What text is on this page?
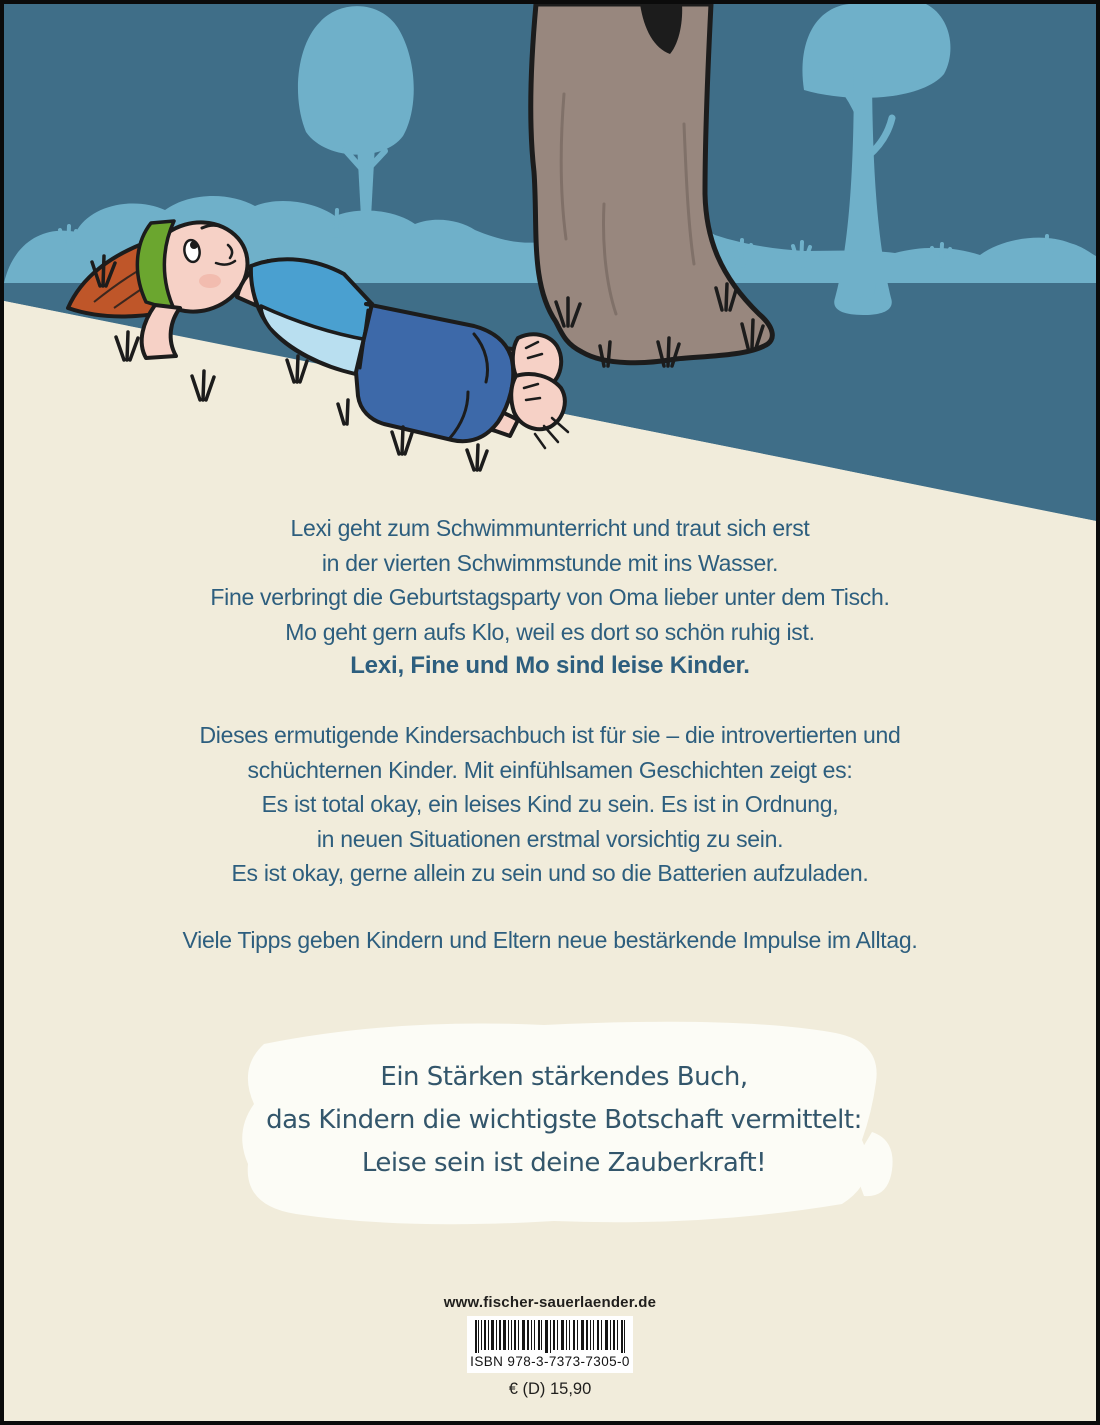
Lexi geht zum Schwimmunterricht und traut sich erst
in der vierten Schwimmstunde mit ins Wasser.
Fine verbringt die Geburtstagsparty von Oma lieber unter dem Tisch.
Mo geht gern aufs Klo, weil es dort so schön ruhig ist.
Lexi, Fine und Mo sind leise Kinder.
Dieses ermutigende Kindersachbuch ist für sie – die introvertierten und
schüchternen Kinder. Mit einfühlsamen Geschichten zeigt es:
Es ist total okay, ein leises Kind zu sein. Es ist in Ordnung,
in neuen Situationen erstmal vorsichtig zu sein.
Es ist okay, gerne allein zu sein und so die Batterien aufzuladen.
Viele Tipps geben Kindern und Eltern neue bestärkende Impulse im Alltag.
Ein Stärken stärkendes Buch,
das Kindern die wichtigste Botschaft vermittelt:
Leise sein ist deine Zauberkraft!
www.fischer-sauerlaender.de
ISBN 978-3-7373-7305-0
€ (D) 15,90
